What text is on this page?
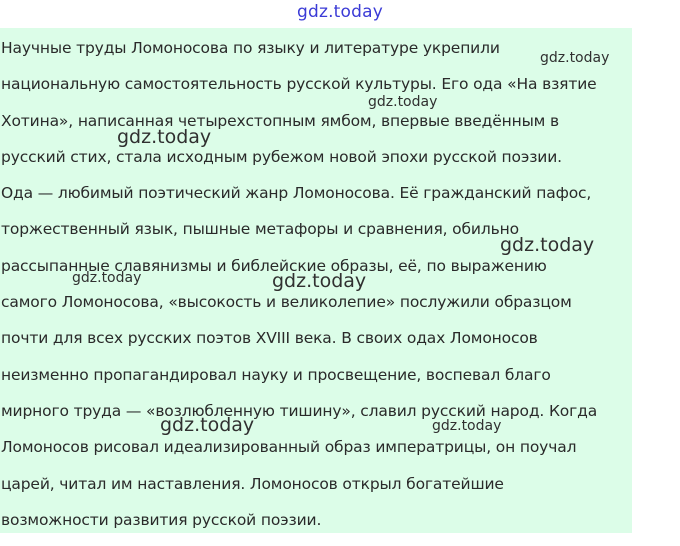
gdz.today
Научные труды Ломоносова по языку и литературе укрепили
национальную самостоятельность русской культуры. Его ода «На взятие
Хотина», написанная четырехстопным ямбом, впервые введённым в
русский стих, стала исходным рубежом новой эпохи русской поэзии.
Ода — любимый поэтический жанр Ломоносова. Её гражданский пафос,
торжественный язык, пышные метафоры и сравнения, обильно
рассыпанные славянизмы и библейские образы, её, по выражению
самого Ломоносова, «высокость и великолепие» послужили образцом
почти для всех русских поэтов XVIII века. В своих одах Ломоносов
неизменно пропагандировал науку и просвещение, воспевал благо
мирного труда — «возлюбленную тишину», славил русский народ. Когда
Ломоносов рисовал идеализированный образ императрицы, он поучал
царей, читал им наставления. Ломоносов открыл богатейшие
возможности развития русской поэзии.
gdz.today
gdz.today
gdz.today
gdz.today
gdz.today	gdz.today
gdz.today	gdz.today
